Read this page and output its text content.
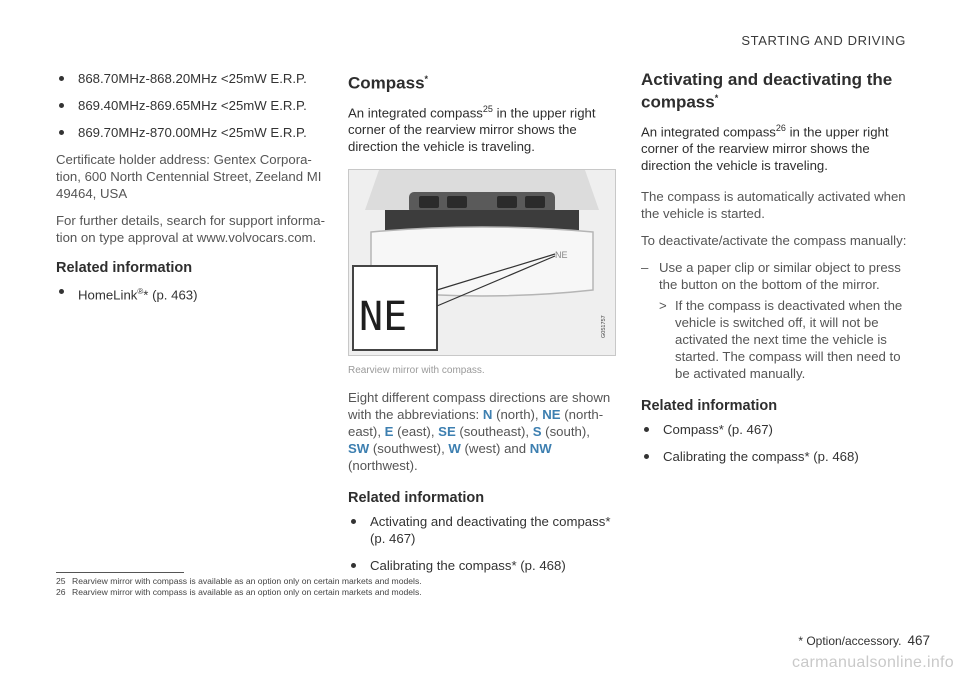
STARTING AND DRIVING
868.70MHz-868.20MHz <25mW E.R.P.
869.40MHz-869.65MHz <25mW E.R.P.
869.70MHz-870.00MHz <25mW E.R.P.

Certificate holder address: Gentex Corpora-tion, 600 North Centennial Street, Zeeland MI 49464, USA

For further details, search for support informa-tion on type approval at www.volvocars.com.

Related information
HomeLink®* (p. 463)
Compass*

An integrated compass$^{25}$ in the upper right corner of the rearview mirror shows the direction the vehicle is traveling.

NE
NE	G051757
Rearview mirror with compass.

Eight different compass directions are shown with the abbreviations: N (north), NE (north-east), E (east), SE (southeast), S (south), SW (southwest), W (west) and NW (northwest).

Related information
Activating and deactivating the compass* (p. 467)
Calibrating the compass* (p. 468)
Activating and deactivating the compass*

An integrated compass$^{26}$ in the upper right corner of the rearview mirror shows the direction the vehicle is traveling.

The compass is automatically activated when the vehicle is started.

To deactivate/activate the compass manually:

– Use a paper clip or similar object to press the button on the bottom of the mirror.
> If the compass is deactivated when the vehicle is switched off, it will not be activated the next time the vehicle is started. The compass will then need to be activated manually.
Related information
Compass* (p. 467)
Calibrating the compass* (p. 468)
25 Rearview mirror with compass is available as an option only on certain markets and models.
26 Rearview mirror with compass is available as an option only on certain markets and models.
* Option/accessory. 467
carmanualsonline.info
